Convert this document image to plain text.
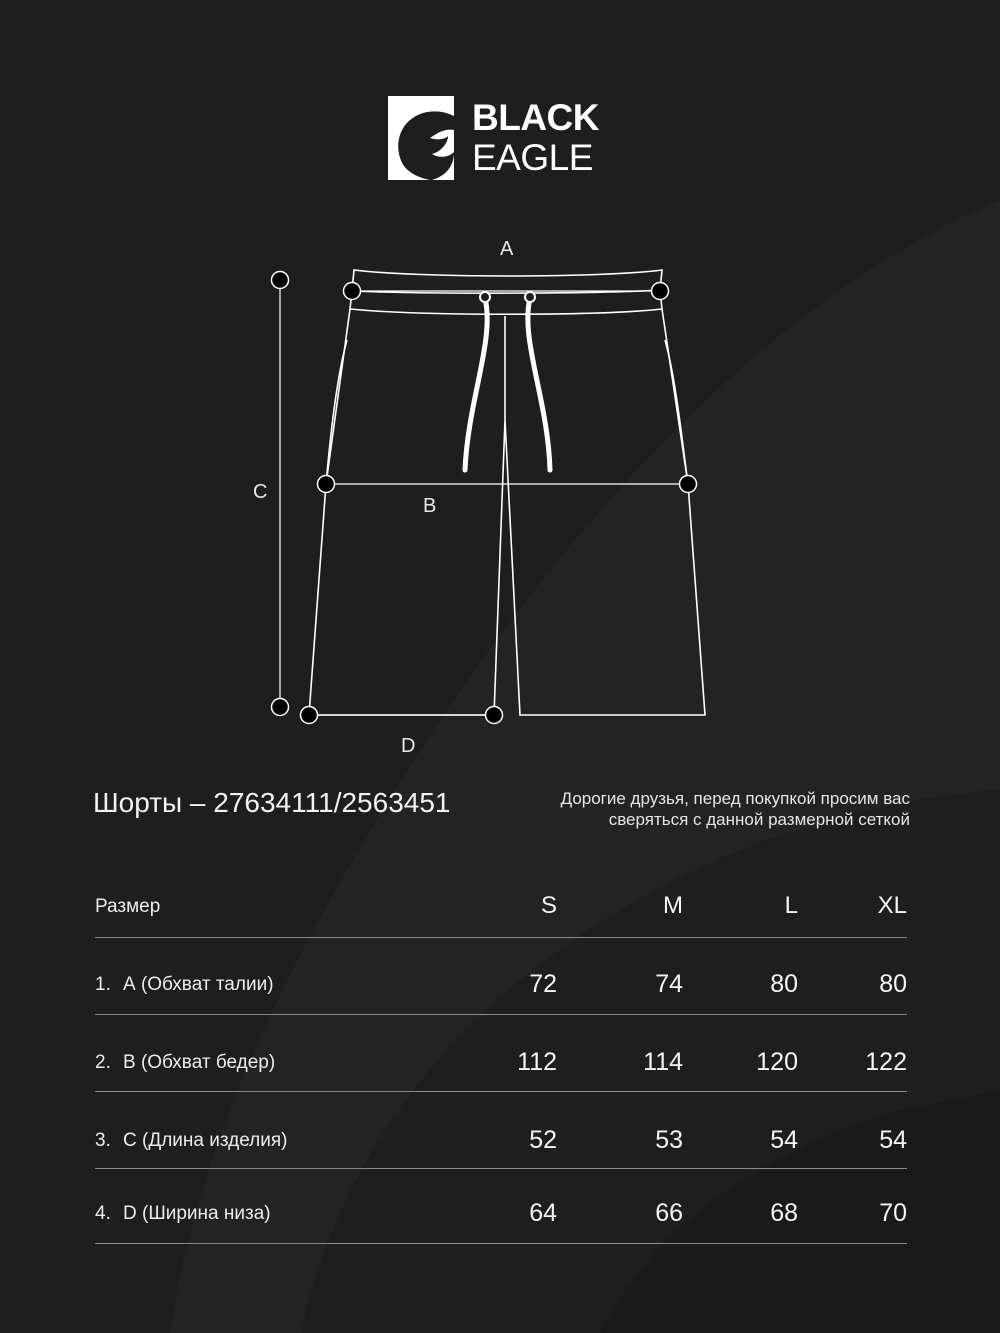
BLACK
EAGLE
A
B
C
D
Шорты – 27634111/2563451	Дорогие друзья, перед покупкой просим вас
сверяться с данной размерной сеткой
Размер	S	M	L	XL
1. А (Обхват талии)	72	74	80	80
2. В (Обхват бедер)	112	114	120	122
3. С (Длина изделия)	52	53	54	54
4. D (Ширина низа)	64	66	68	70
